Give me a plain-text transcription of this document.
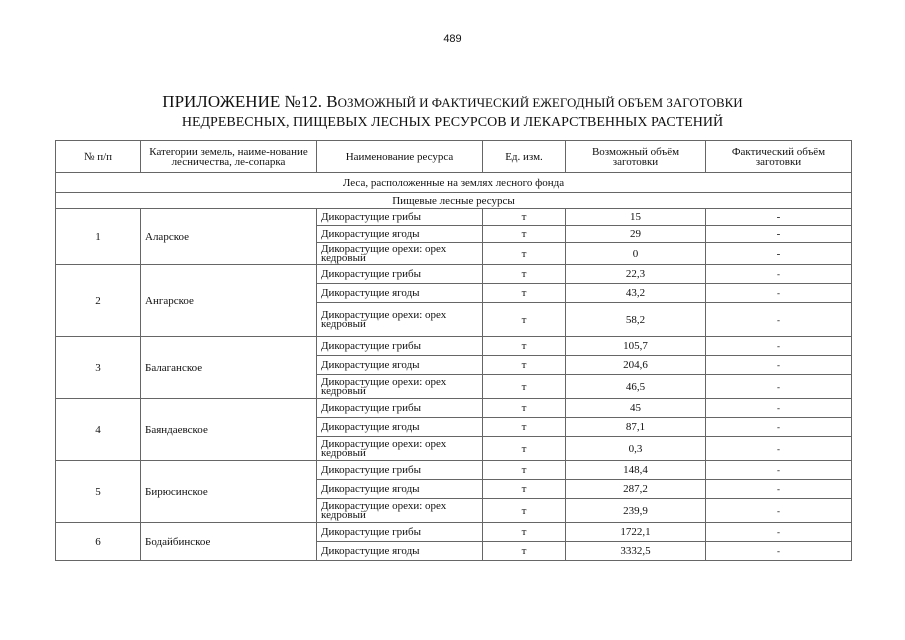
489
ПРИЛОЖЕНИЕ №12. ВОЗМОЖНЫЙ И ФАКТИЧЕСКИЙ ЕЖЕГОДНЫЙ ОБЪЕМ ЗАГОТОВКИ
НЕДРЕВЕСНЫХ, ПИЩЕВЫХ ЛЕСНЫХ РЕСУРСОВ И ЛЕКАРСТВЕННЫХ РАСТЕНИЙ
№ п/п	Категории земель, наиме-нование лесничества, ле-сопарка	Наименование ресурса	Ед. изм.	Возможный объём заготовки	Фактический объём заготовки
Леса, расположенные на землях лесного фонда					
Пищевые лесные ресурсы					
1	Аларское	Дикорастущие грибы	т	15	-
		Дикорастущие ягоды	т	29	-
		Дикорастущие орехи: орех кедровый	т	0	-
2	Ангарское	Дикорастущие грибы	т	22,3	-
		Дикорастущие ягоды	т	43,2	-
		Дикорастущие орехи: орех кедровый	т	58,2	-
3	Балаганское	Дикорастущие грибы	т	105,7	-
		Дикорастущие ягоды	т	204,6	-
		Дикорастущие орехи: орех кедровый	т	46,5	-
4	Баяндаевское	Дикорастущие грибы	т	45	-
		Дикорастущие ягоды	т	87,1	-
		Дикорастущие орехи: орех кедровый	т	0,3	-
5	Бирюсинское	Дикорастущие грибы	т	148,4	-
		Дикорастущие ягоды	т	287,2	-
		Дикорастущие орехи: орех кедровый	т	239,9	-
6	Бодайбинское	Дикорастущие грибы	т	1722,1	-
		Дикорастущие ягоды	т	3332,5	-
